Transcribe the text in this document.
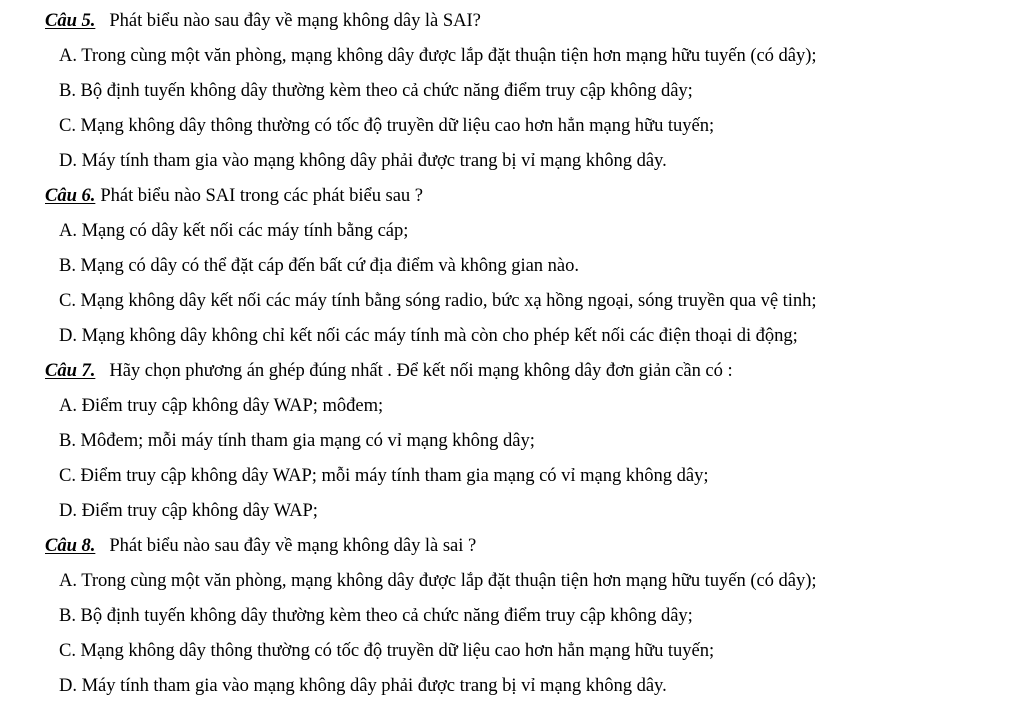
Câu 5. Phát biểu nào sau đây về mạng không dây là SAI?
A. Trong cùng một văn phòng, mạng không dây được lắp đặt thuận tiện hơn mạng hữu tuyến (có dây);
B. Bộ định tuyến không dây thường kèm theo cả chức năng điểm truy cập không dây;
C. Mạng không dây thông thường có tốc độ truyền dữ liệu cao hơn hẳn mạng hữu tuyến;
D. Máy tính tham gia vào mạng không dây phải được trang bị vỉ mạng không dây.
Câu 6. Phát biểu nào SAI trong các phát biểu sau ?
A. Mạng có dây kết nối các máy tính bằng cáp;
B. Mạng có dây có thể đặt cáp đến bất cứ địa điểm và không gian nào.
C. Mạng không dây kết nối các máy tính bằng sóng radio, bức xạ hồng ngoại, sóng truyền qua vệ tinh;
D. Mạng không dây không chỉ kết nối các máy tính mà còn cho phép kết nối các điện thoại di động;
Câu 7. Hãy chọn phương án ghép đúng nhất . Để kết nối mạng không dây đơn giản cần có :
A. Điểm truy cập không dây WAP; môđem;
B. Môđem; mỗi máy tính tham gia mạng có vỉ mạng không dây;
C. Điểm truy cập không dây WAP; mỗi máy tính tham gia mạng có vỉ mạng không dây;
D. Điểm truy cập không dây WAP;
Câu 8. Phát biểu nào sau đây về mạng không dây là sai ?
A. Trong cùng một văn phòng, mạng không dây được lắp đặt thuận tiện hơn mạng hữu tuyến (có dây);
B. Bộ định tuyến không dây thường kèm theo cả chức năng điểm truy cập không dây;
C. Mạng không dây thông thường có tốc độ truyền dữ liệu cao hơn hẳn mạng hữu tuyến;
D. Máy tính tham gia vào mạng không dây phải được trang bị vỉ mạng không dây.
